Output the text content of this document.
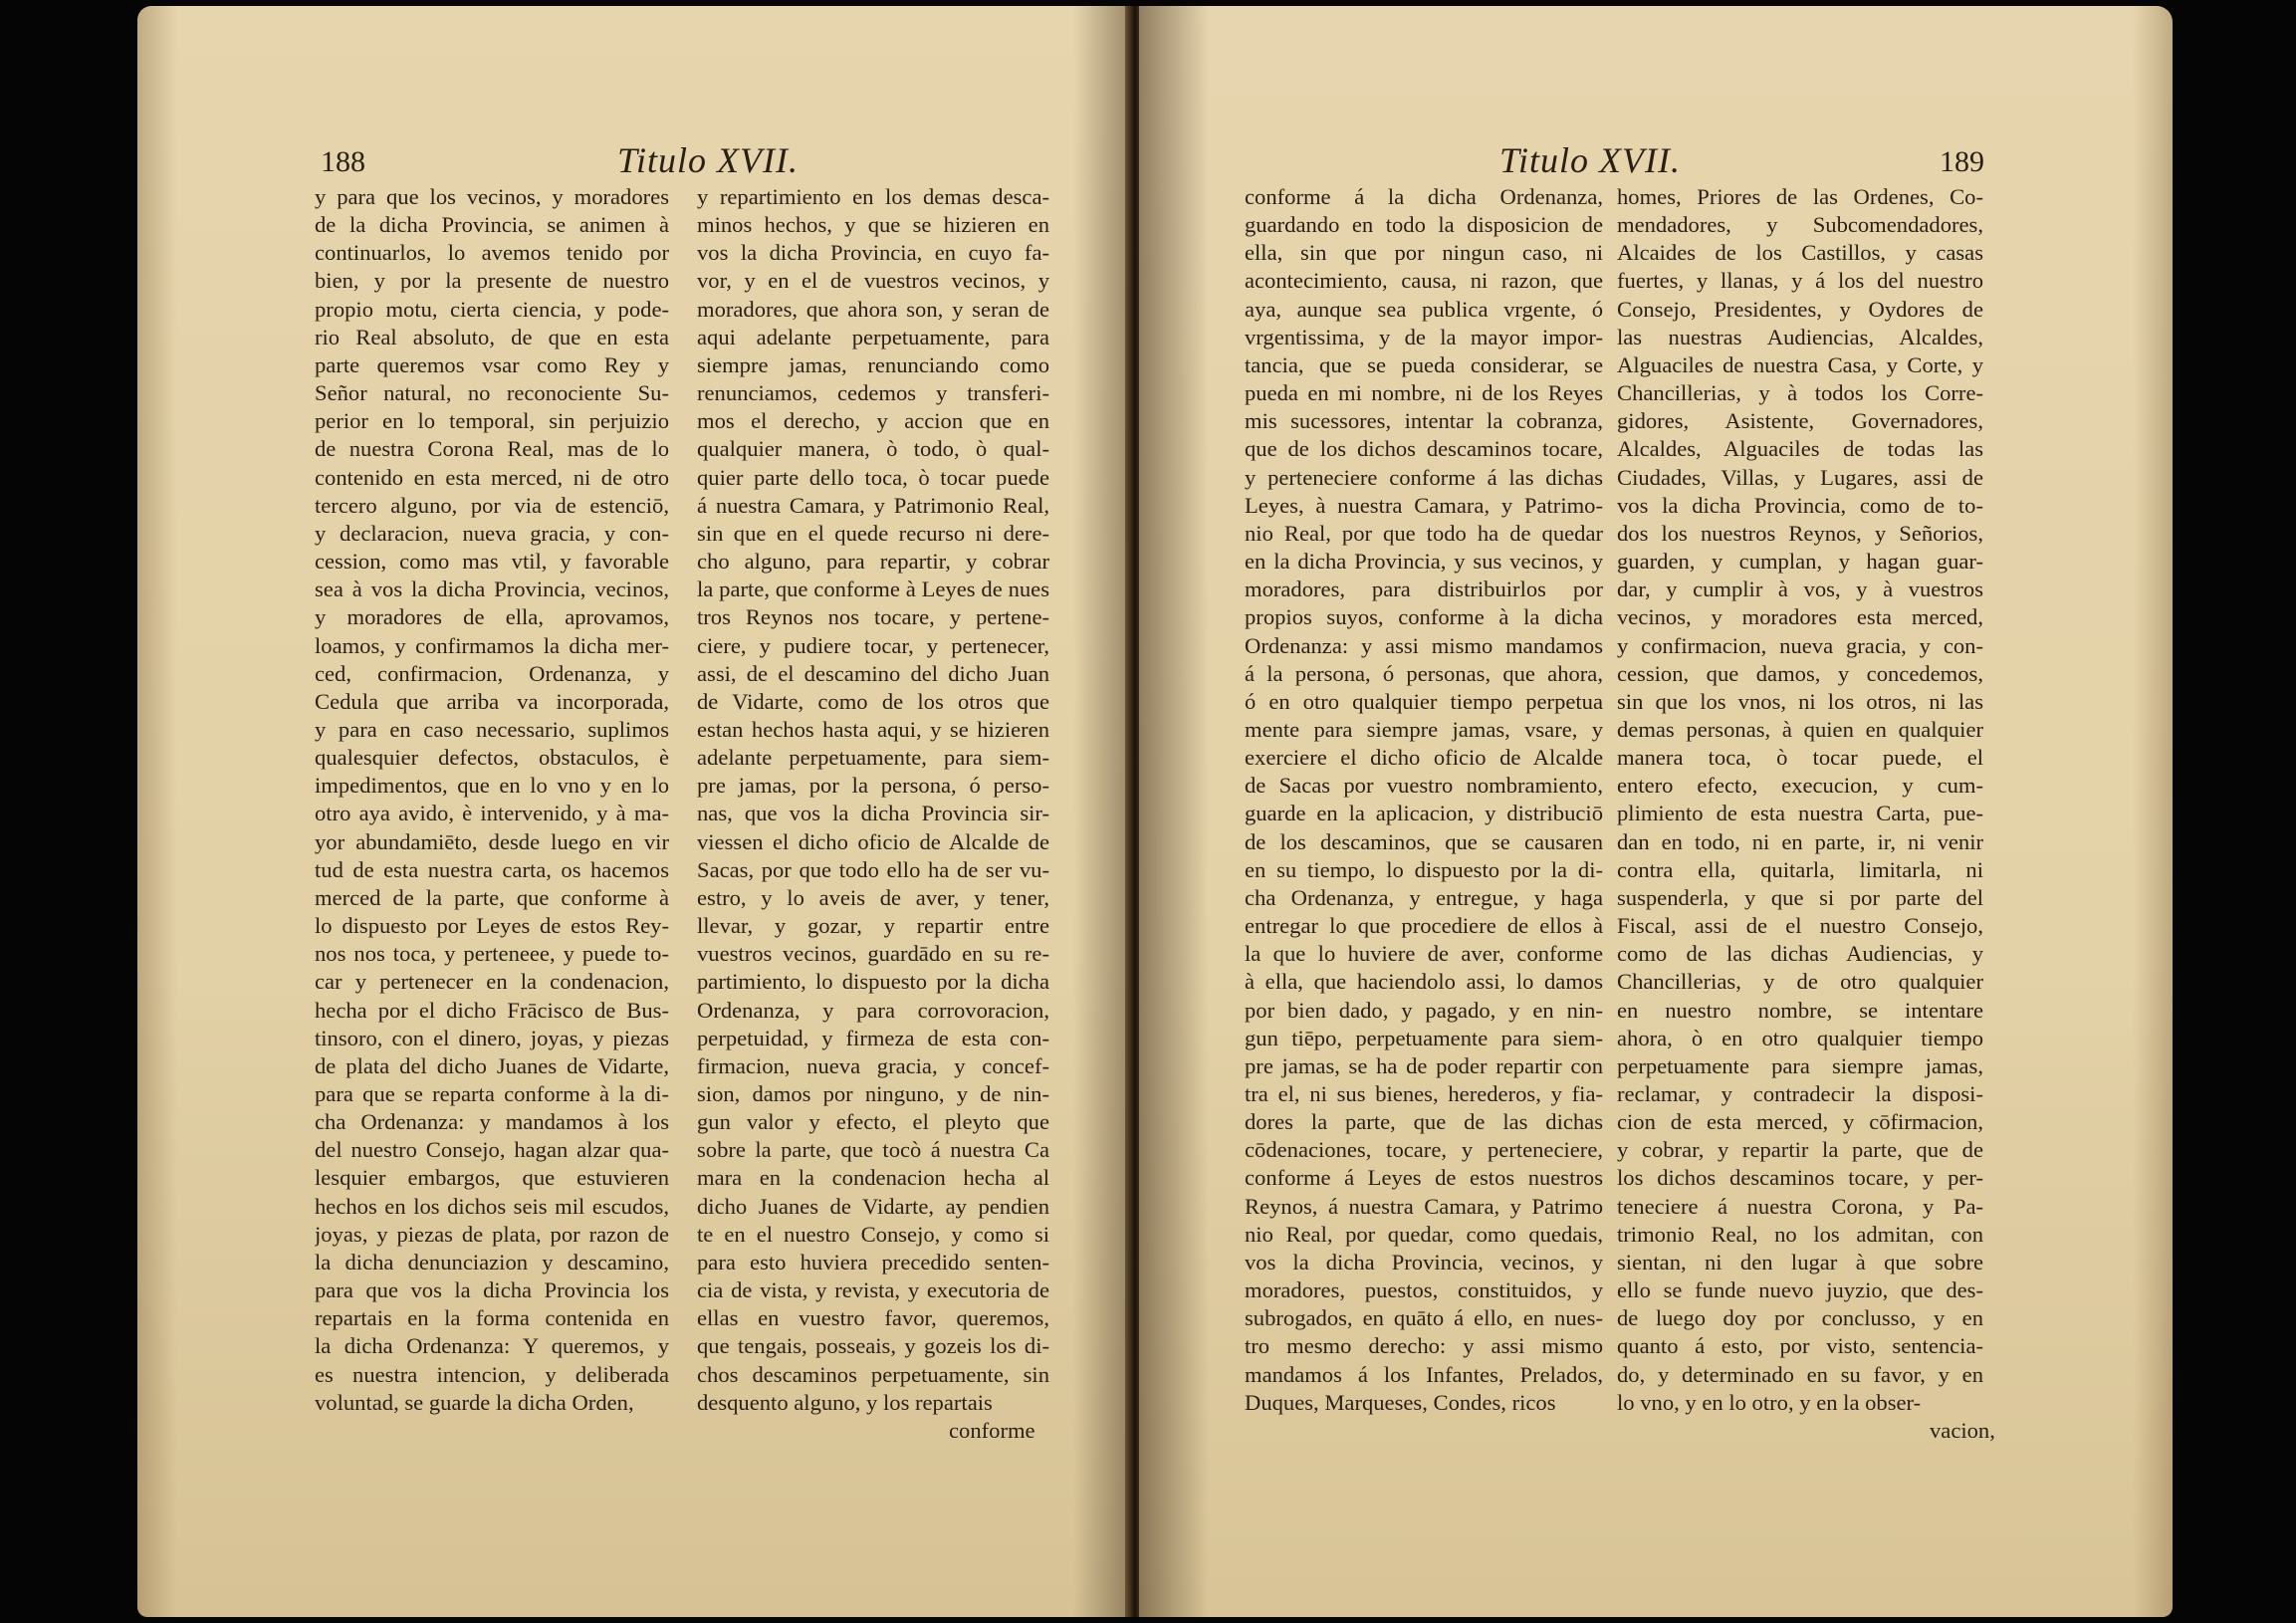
188	Titulo XVII.
y para que los vecinos, y moradores
de la dicha Provincia, se animen à
continuarlos, lo avemos tenido por
bien, y por la presente de nuestro
propio motu, cierta ciencia, y pode-
rio Real absoluto, de que en esta
parte queremos vsar como Rey y
Señor natural, no reconociente Su-
perior en lo temporal, sin perjuizio
de nuestra Corona Real, mas de lo
contenido en esta merced, ni de otro
tercero alguno, por via de estenciō,
y declaracion, nueva gracia, y con-
cession, como mas vtil, y favorable
sea à vos la dicha Provincia, vecinos,
y moradores de ella, aprovamos,
loamos, y confirmamos la dicha mer-
ced, confirmacion, Ordenanza, y
Cedula que arriba va incorporada,
y para en caso necessario, suplimos
qualesquier defectos, obstaculos, è
impedimentos, que en lo vno y en lo
otro aya avido, è intervenido, y à ma-
yor abundamiēto, desde luego en vir
tud de esta nuestra carta, os hacemos
merced de la parte, que conforme à
lo dispuesto por Leyes de estos Rey-
nos nos toca, y perteneee, y puede to-
car y pertenecer en la condenacion,
hecha por el dicho Frācisco de Bus-
tinsoro, con el dinero, joyas, y piezas
de plata del dicho Juanes de Vidarte,
para que se reparta conforme à la di-
cha Ordenanza: y mandamos à los
del nuestro Consejo, hagan alzar qua-
lesquier embargos, que estuvieren
hechos en los dichos seis mil escudos,
joyas, y piezas de plata, por razon de
la dicha denunciazion y descamino,
para que vos la dicha Provincia los
repartais en la forma contenida en
la dicha Ordenanza: Y queremos, y
es nuestra intencion, y deliberada
voluntad, se guarde la dicha Orden,
y repartimiento en los demas desca-
minos hechos, y que se hizieren en
vos la dicha Provincia, en cuyo fa-
vor, y en el de vuestros vecinos, y
moradores, que ahora son, y seran de
aqui adelante perpetuamente, para
siempre jamas, renunciando como
renunciamos, cedemos y transferi-
mos el derecho, y accion que en
qualquier manera, ò todo, ò qual-
quier parte dello toca, ò tocar puede
á nuestra Camara, y Patrimonio Real,
sin que en el quede recurso ni dere-
cho alguno, para repartir, y cobrar
la parte, que conforme à Leyes de nues
tros Reynos nos tocare, y pertene-
ciere, y pudiere tocar, y pertenecer,
assi, de el descamino del dicho Juan
de Vidarte, como de los otros que
estan hechos hasta aqui, y se hizieren
adelante perpetuamente, para siem-
pre jamas, por la persona, ó perso-
nas, que vos la dicha Provincia sir-
viessen el dicho oficio de Alcalde de
Sacas, por que todo ello ha de ser vu-
estro, y lo aveis de aver, y tener,
llevar, y gozar, y repartir entre
vuestros vecinos, guardādo en su re-
partimiento, lo dispuesto por la dicha
Ordenanza, y para corrovoracion,
perpetuidad, y firmeza de esta con-
firmacion, nueva gracia, y concef-
sion, damos por ninguno, y de nin-
gun valor y efecto, el pleyto que
sobre la parte, que tocò á nuestra Ca
mara en la condenacion hecha al
dicho Juanes de Vidarte, ay pendien
te en el nuestro Consejo, y como si
para esto huviera precedido senten-
cia de vista, y revista, y executoria de
ellas en vuestro favor, queremos,
que tengais, posseais, y gozeis los di-
chos descaminos perpetuamente, sin
desquento alguno, y los repartais
conforme
Titulo XVII.	189
conforme á la dicha Ordenanza,
guardando en todo la disposicion de
ella, sin que por ningun caso, ni
acontecimiento, causa, ni razon, que
aya, aunque sea publica vrgente, ó
vrgentissima, y de la mayor impor-
tancia, que se pueda considerar, se
pueda en mi nombre, ni de los Reyes
mis sucessores, intentar la cobranza,
que de los dichos descaminos tocare,
y perteneciere conforme á las dichas
Leyes, à nuestra Camara, y Patrimo-
nio Real, por que todo ha de quedar
en la dicha Provincia, y sus vecinos, y
moradores, para distribuirlos por
propios suyos, conforme à la dicha
Ordenanza: y assi mismo mandamos
á la persona, ó personas, que ahora,
ó en otro qualquier tiempo perpetua
mente para siempre jamas, vsare, y
exerciere el dicho oficio de Alcalde
de Sacas por vuestro nombramiento,
guarde en la aplicacion, y distribuciō
de los descaminos, que se causaren
en su tiempo, lo dispuesto por la di-
cha Ordenanza, y entregue, y haga
entregar lo que procediere de ellos à
la que lo huviere de aver, conforme
à ella, que haciendolo assi, lo damos
por bien dado, y pagado, y en nin-
gun tiēpo, perpetuamente para siem-
pre jamas, se ha de poder repartir con
tra el, ni sus bienes, herederos, y fia-
dores la parte, que de las dichas
cōdenaciones, tocare, y perteneciere,
conforme á Leyes de estos nuestros
Reynos, á nuestra Camara, y Patrimo
nio Real, por quedar, como quedais,
vos la dicha Provincia, vecinos, y
moradores, puestos, constituidos, y
subrogados, en quāto á ello, en nues-
tro mesmo derecho: y assi mismo
mandamos á los Infantes, Prelados,
Duques, Marqueses, Condes, ricos
homes, Priores de las Ordenes, Co-
mendadores, y Subcomendadores,
Alcaides de los Castillos, y casas
fuertes, y llanas, y á los del nuestro
Consejo, Presidentes, y Oydores de
las nuestras Audiencias, Alcaldes,
Alguaciles de nuestra Casa, y Corte, y
Chancillerias, y à todos los Corre-
gidores, Asistente, Governadores,
Alcaldes, Alguaciles de todas las
Ciudades, Villas, y Lugares, assi de
vos la dicha Provincia, como de to-
dos los nuestros Reynos, y Señorios,
guarden, y cumplan, y hagan guar-
dar, y cumplir à vos, y à vuestros
vecinos, y moradores esta merced,
y confirmacion, nueva gracia, y con-
cession, que damos, y concedemos,
sin que los vnos, ni los otros, ni las
demas personas, à quien en qualquier
manera toca, ò tocar puede, el
entero efecto, execucion, y cum-
plimiento de esta nuestra Carta, pue-
dan en todo, ni en parte, ir, ni venir
contra ella, quitarla, limitarla, ni
suspenderla, y que si por parte del
Fiscal, assi de el nuestro Consejo,
como de las dichas Audiencias, y
Chancillerias, y de otro qualquier
en nuestro nombre, se intentare
ahora, ò en otro qualquier tiempo
perpetuamente para siempre jamas,
reclamar, y contradecir la disposi-
cion de esta merced, y cōfirmacion,
y cobrar, y repartir la parte, que de
los dichos descaminos tocare, y per-
teneciere á nuestra Corona, y Pa-
trimonio Real, no los admitan, con
sientan, ni den lugar à que sobre
ello se funde nuevo juyzio, que des-
de luego doy por conclusso, y en
quanto á esto, por visto, sentencia-
do, y determinado en su favor, y en
lo vno, y en lo otro, y en la obser-
vacion,
